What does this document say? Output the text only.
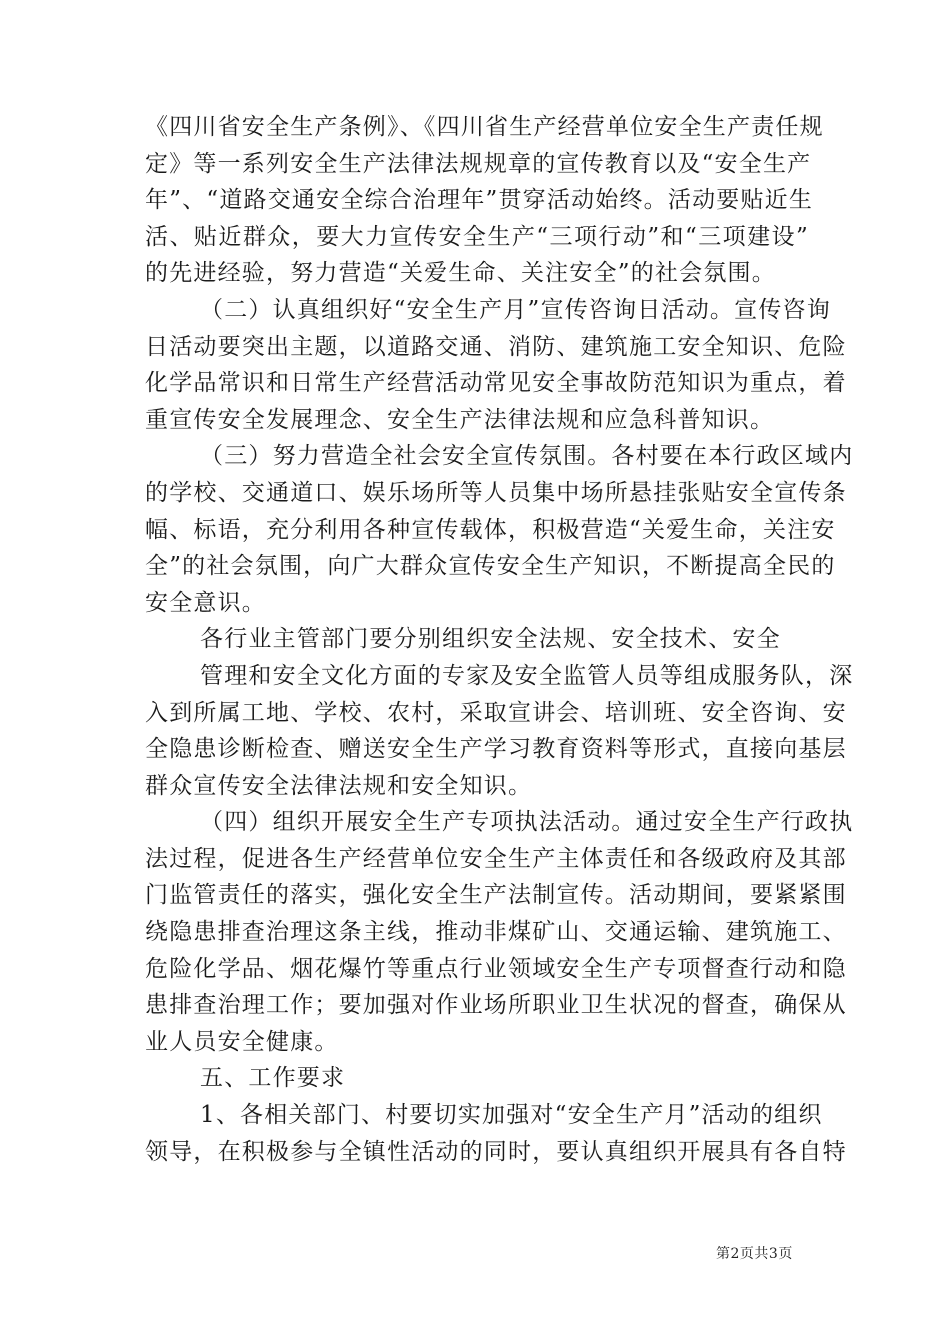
《四川省安全生产条例》、《四川省生产经营单位安全生产责任规
定》等一系列安全生产法律法规规章的宣传教育以及“安全生产
年”、“道路交通安全综合治理年”贯穿活动始终。活动要贴近生
活、贴近群众，要大力宣传安全生产“三项行动”和“三项建设”
的先进经验，努力营造“关爱生命、关注安全”的社会氛围。
（二）认真组织好“安全生产月”宣传咨询日活动。宣传咨询
日活动要突出主题，以道路交通、消防、建筑施工安全知识、危险
化学品常识和日常生产经营活动常见安全事故防范知识为重点，着
重宣传安全发展理念、安全生产法律法规和应急科普知识。
（三）努力营造全社会安全宣传氛围。各村要在本行政区域内
的学校、交通道口、娱乐场所等人员集中场所悬挂张贴安全宣传条
幅、标语，充分利用各种宣传载体，积极营造“关爱生命，关注安
全”的社会氛围，向广大群众宣传安全生产知识，不断提高全民的
安全意识。
各行业主管部门要分别组织安全法规、安全技术、安全
管理和安全文化方面的专家及安全监管人员等组成服务队，深
入到所属工地、学校、农村，采取宣讲会、培训班、安全咨询、安
全隐患诊断检查、赠送安全生产学习教育资料等形式，直接向基层
群众宣传安全法律法规和安全知识。
（四）组织开展安全生产专项执法活动。通过安全生产行政执
法过程，促进各生产经营单位安全生产主体责任和各级政府及其部
门监管责任的落实，强化安全生产法制宣传。活动期间，要紧紧围
绕隐患排查治理这条主线，推动非煤矿山、交通运输、建筑施工、
危险化学品、烟花爆竹等重点行业领域安全生产专项督查行动和隐
患排查治理工作；要加强对作业场所职业卫生状况的督查，确保从
业人员安全健康。
五、工作要求
1、各相关部门、村要切实加强对“安全生产月”活动的组织
领导，在积极参与全镇性活动的同时，要认真组织开展具有各自特
第2页共3页
